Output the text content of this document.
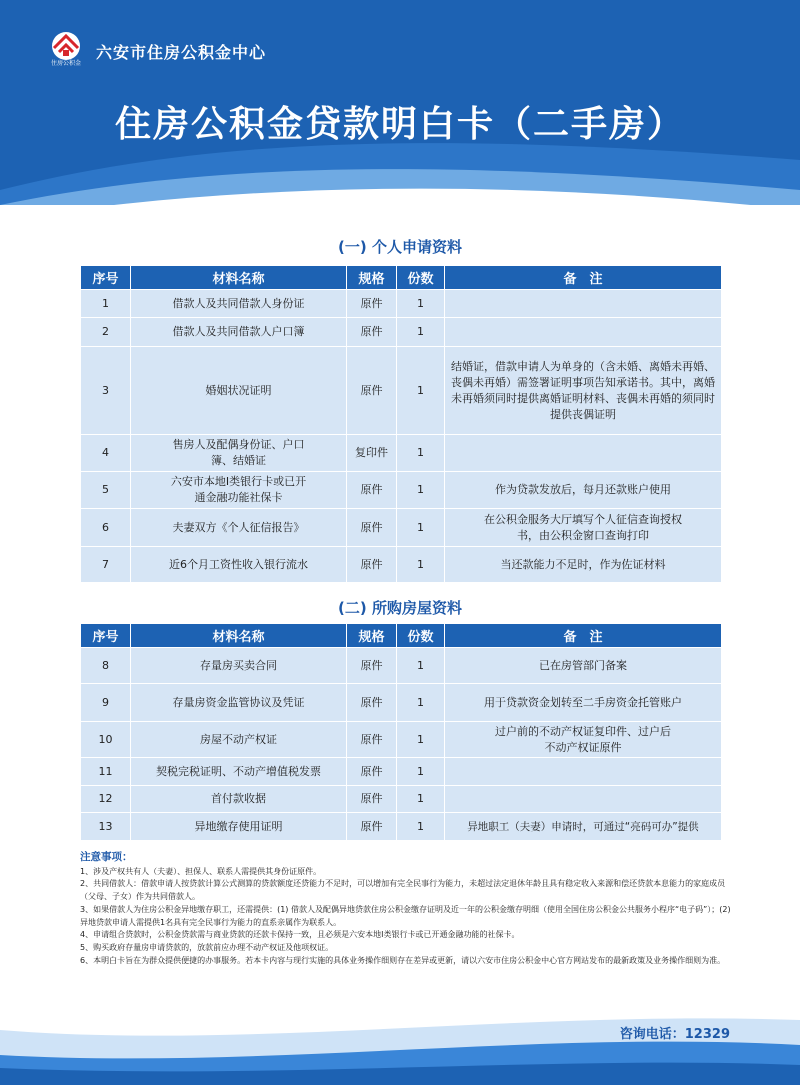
住房公积金
六安市住房公积金中心
住房公积金贷款明白卡（二手房）
(一) 个人申请资料
序号	材料名称	规格	份数	备　注
1	借款人及共同借款人身份证	原件	1	
2	借款人及共同借款人户口簿	原件	1	
3	婚姻状况证明	原件	1	结婚证，借款申请人为单身的（含未婚、离婚未再婚、丧偶未再婚）需签署证明事项告知承诺书。其中，离婚未再婚须同时提供离婚证明材料、丧偶未再婚的须同时提供丧偶证明
4	售房人及配偶身份证、户口簿、结婚证	复印件	1	
5	六安市本地Ⅰ类银行卡或已开通金融功能社保卡	原件	1	作为贷款发放后，每月还款账户使用
6	夫妻双方《个人征信报告》	原件	1	在公积金服务大厅填写个人征信查询授权书，由公积金窗口查询打印
7	近6个月工资性收入银行流水	原件	1	当还款能力不足时，作为佐证材料
(二) 所购房屋资料
序号	材料名称	规格	份数	备　注
8	存量房买卖合同	原件	1	已在房管部门备案
9	存量房资金监管协议及凭证	原件	1	用于贷款资金划转至二手房资金托管账户
10	房屋不动产权证	原件	1	过户前的不动产权证复印件、过户后不动产权证原件
11	契税完税证明、不动产增值税发票	原件	1	
12	首付款收据	原件	1	
13	异地缴存使用证明	原件	1	异地职工（夫妻）申请时，可通过“亮码可办”提供
注意事项：

1、涉及产权共有人（夫妻）、担保人、联系人需提供其身份证原件。

2、共同借款人：借款申请人按贷款计算公式测算的贷款额度还贷能力不足时，可以增加有完全民事行为能力，未超过法定退休年龄且具有稳定收入来源和偿还贷款本息能力的家庭成员（父母、子女）作为共同借款人。

3、如果借款人为住房公积金异地缴存职工，还需提供：(1) 借款人及配偶异地贷款住房公积金缴存证明及近一年的公积金缴存明细（使用全国住房公积金公共服务小程序“电子码”）；(2) 异地贷款申请人需提供1名具有完全民事行为能力的直系亲属作为联系人。

4、申请组合贷款时，公积金贷款需与商业贷款的还款卡保持一致，且必须是六安本地Ⅰ类银行卡或已开通金融功能的社保卡。

5、购买政府存量房申请贷款的，放款前应办理不动产权证及他项权证。

6、本明白卡旨在为群众提供便捷的办事服务。若本卡内容与现行实施的具体业务操作细则存在差异或更新，请以六安市住房公积金中心官方网站发布的最新政策及业务操作细则为准。

咨询电话：12329
